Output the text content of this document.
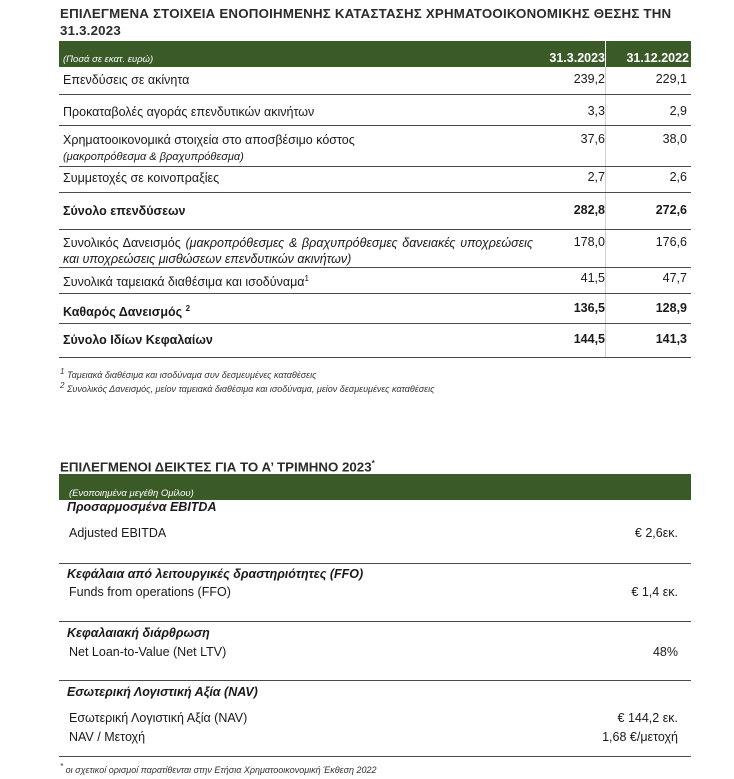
ΕΠΙΛΕΓΜΕΝΑ ΣΤΟΙΧΕΙΑ ΕΝΟΠΟΙΗΜΕΝΗΣ ΚΑΤΑΣΤΑΣΗΣ ΧΡΗΜΑΤΟΟΙΚΟΝΟΜΙΚΗΣ ΘΕΣΗΣ ΤΗΝ 31.3.2023
(Ποσά σε εκατ. ευρώ)	31.3.2023 31.12.2022
Επενδύσεις σε ακίνητα	239,2	229,1
Προκαταβολές αγοράς επενδυτικών ακινήτων	3,3	2,9
Χρηματοοικονομικά στοιχεία στο αποσβέσιμο κόστος
(μακροπρόθεσμα & βραχυπρόθεσμα)
37,6	38,0
Συμμετοχές σε κοινοπραξίες	2,7	2,6
Σύνολο επενδύσεων	282,8	272,6
Συνολικός Δανεισμός (μακροπρόθεσμες & βραχυπρόθεσμες δανειακές υποχρεώσεις και υποχρεώσεις μισθώσεων επενδυτικών ακινήτων)
178,0	176,6
Συνολικά ταμειακά διαθέσιμα και ισοδύναμα$^1$	41,5	47,7
Καθαρός Δανεισμός $^2$	136,5	128,9
Σύνολο Ιδίων Κεφαλαίων	144,5	141,3
$^1$ Ταμειακά διαθέσιμα και ισοδύναμα συν δεσμευμένες καταθέσεις
$^2$ Συνολικός Δανεισμός, μείον ταμειακά διαθέσιμα και ισοδύναμα, μείον δεσμευμένες καταθέσεις
ΕΠΙΛΕΓΜΕΝΟΙ ΔΕΙΚΤΕΣ ΓΙΑ ΤΟ Α’ ΤΡΙΜΗΝΟ 2023*
(Ενοποιημένα μεγέθη Ομίλου)
Προσαρμοσμένα EBITDA
Adjusted EBITDA	€ 2,6εκ.
Κεφάλαια από λειτουργικές δραστηριότητες (FFO)
Funds from operations (FFO)	€ 1,4 εκ.
Κεφαλαιακή διάρθρωση
Net Loan-to-Value (Net LTV)	48%
Εσωτερική Λογιστική Αξία (NAV)
Εσωτερική Λογιστική Αξία (NAV)	€ 144,2 εκ.
NAV / Μετοχή	1,68 €/μετοχή
* οι σχετικοί ορισμοί παρατίθενται στην Ετήσια Χρηματοοικονομική Έκθεση 2022
